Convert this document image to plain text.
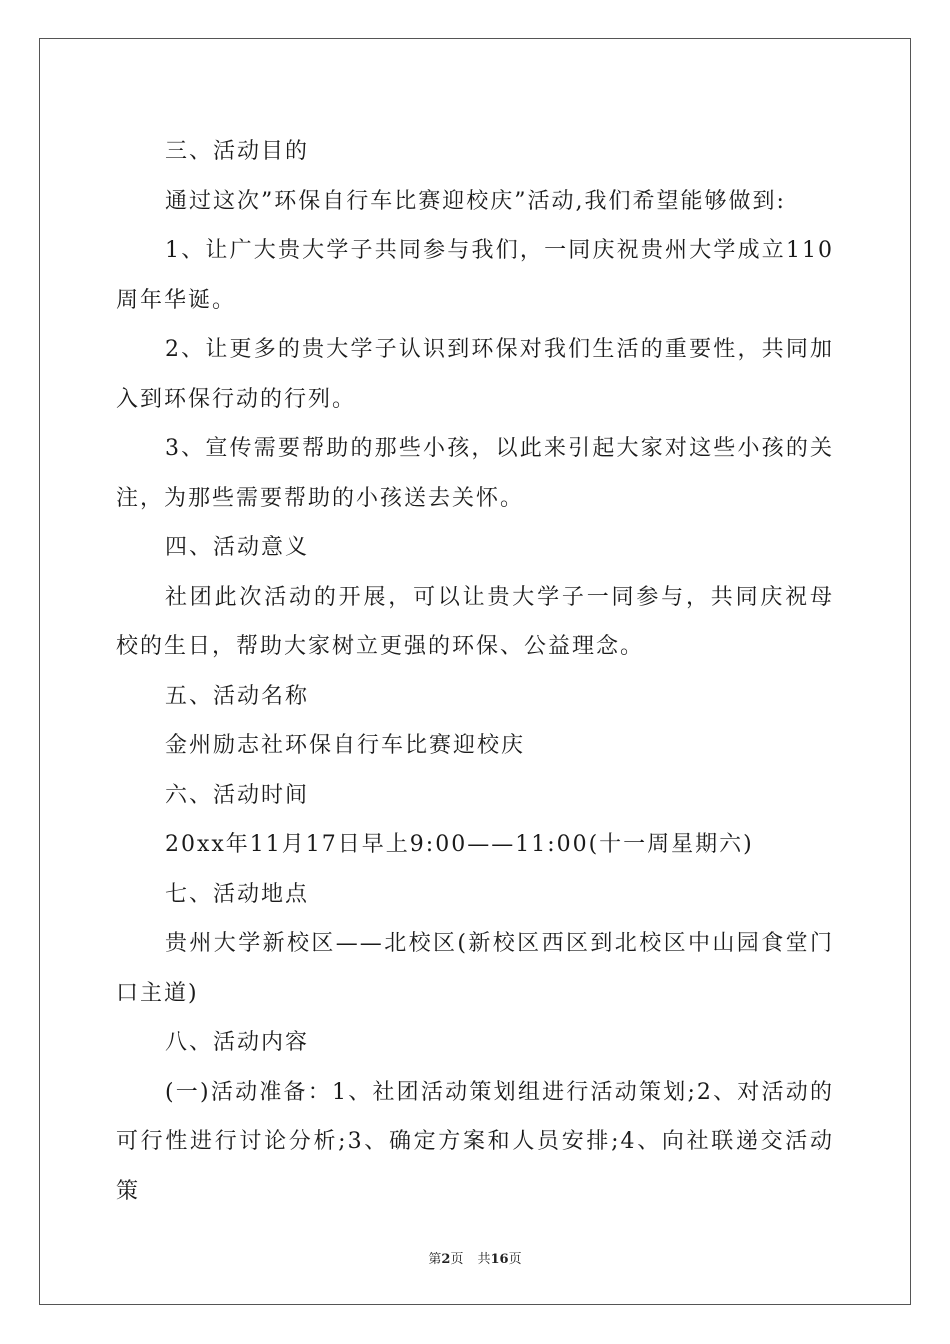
三、活动目的

通过这次”环保自行车比赛迎校庆”活动,我们希望能够做到:

1、让广大贵大学子共同参与我们，一同庆祝贵州大学成立110周年华诞。

2、让更多的贵大学子认识到环保对我们生活的重要性，共同加入到环保行动的行列。

3、宣传需要帮助的那些小孩，以此来引起大家对这些小孩的关注，为那些需要帮助的小孩送去关怀。

四、活动意义

社团此次活动的开展，可以让贵大学子一同参与，共同庆祝母校的生日，帮助大家树立更强的环保、公益理念。

五、活动名称

金州励志社环保自行车比赛迎校庆

六、活动时间

20xx年11月17日早上9:00——11:00(十一周星期六)

七、活动地点

贵州大学新校区——北校区(新校区西区到北校区中山园食堂门口主道)

八、活动内容

(一)活动准备：1、社团活动策划组进行活动策划;2、对活动的可行性进行讨论分析;3、确定方案和人员安排;4、向社联递交活动策

第2页 共16页
